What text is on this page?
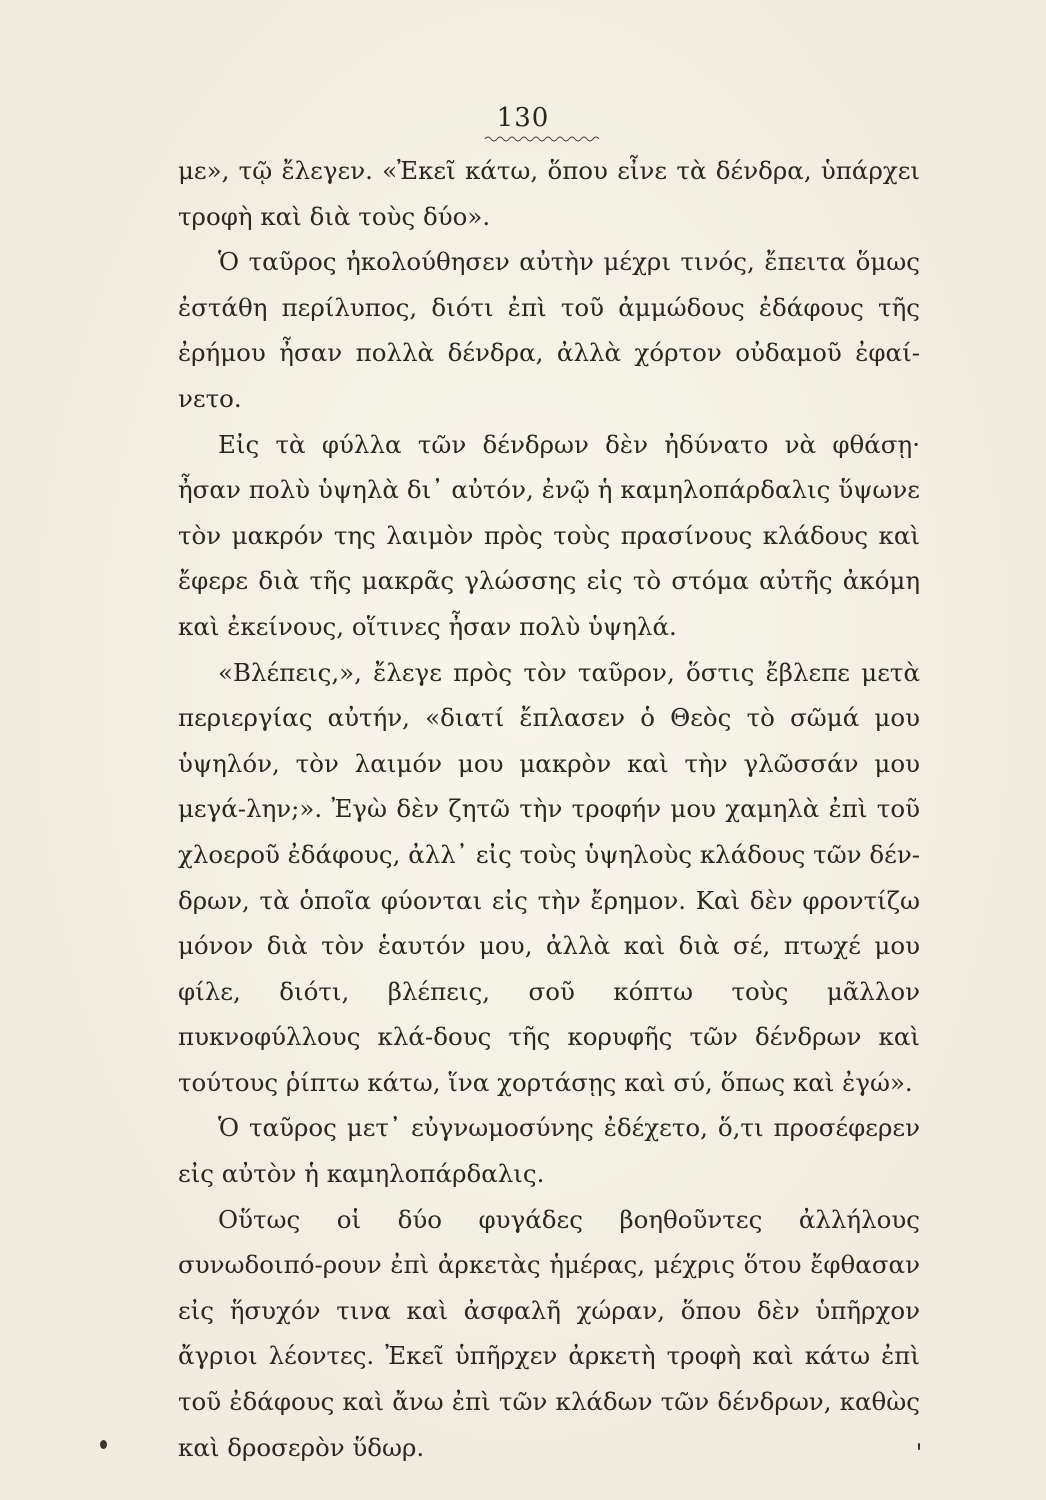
130

με», τῷ ἔλεγεν. «Ἐκεῖ κάτω, ὅπου εἶνε τὰ δένδρα, ὑπάρχει τροφὴ καὶ διὰ τοὺς δύο».

Ὁ ταῦρος ἠκολούθησεν αὐτὴν μέχρι τινός, ἔπειτα ὅμως ἐστάθη περίλυπος, διότι ἐπὶ τοῦ ἀμμώδους ἐδάφους τῆς ἐρήμου ἦσαν πολλὰ δένδρα, ἀλλὰ χόρτον οὐδαμοῦ ἐφαί-νετο.

Εἰς τὰ φύλλα τῶν δένδρων δὲν ἠδύνατο νὰ φθάσῃ· ἦσαν πολὺ ὑψηλὰ δι᾽ αὐτόν, ἐνῷ ἡ καμηλοπάρδαλις ὕψωνε τὸν μακρόν της λαιμὸν πρὸς τοὺς πρασίνους κλάδους καὶ ἔφερε διὰ τῆς μακρᾶς γλώσσης εἰς τὸ στόμα αὐτῆς ἀκόμη καὶ ἐκείνους, οἵτινες ἦσαν πολὺ ὑψηλά.

«Βλέπεις,», ἔλεγε πρὸς τὸν ταῦρον, ὅστις ἔβλεπε μετὰ περιεργίας αὐτήν, «διατί ἔπλασεν ὁ Θεὸς τὸ σῶμά μου ὑψηλόν, τὸν λαιμόν μου μακρὸν καὶ τὴν γλῶσσάν μου μεγά-λην;». Ἐγὼ δὲν ζητῶ τὴν τροφήν μου χαμηλὰ ἐπὶ τοῦ χλοεροῦ ἐδάφους, ἀλλ᾽ εἰς τοὺς ὑψηλοὺς κλάδους τῶν δέν-δρων, τὰ ὁποῖα φύονται εἰς τὴν ἔρημον. Καὶ δὲν φροντίζω μόνον διὰ τὸν ἑαυτόν μου, ἀλλὰ καὶ διὰ σέ, πτωχέ μου φίλε, διότι, βλέπεις, σοῦ κόπτω τοὺς μᾶλλον πυκνοφύλλους κλά-δους τῆς κορυφῆς τῶν δένδρων καὶ τούτους ῥίπτω κάτω, ἵνα χορτάσῃς καὶ σύ, ὅπως καὶ ἐγώ».

Ὁ ταῦρος μετ᾽ εὐγνωμοσύνης ἐδέχετο, ὅ,τι προσέφερεν εἰς αὐτὸν ἡ καμηλοπάρδαλις.

Οὕτως οἱ δύο φυγάδες βοηθοῦντες ἀλλήλους συνωδοιπό-ρουν ἐπὶ ἀρκετὰς ἡμέρας, μέχρις ὅτου ἔφθασαν εἰς ἥσυχόν τινα καὶ ἀσφαλῆ χώραν, ὅπου δὲν ὑπῆρχον ἄγριοι λέοντες. Ἐκεῖ ὑπῆρχεν ἀρκετὴ τροφὴ καὶ κάτω ἐπὶ τοῦ ἐδάφους καὶ ἄνω ἐπὶ τῶν κλάδων τῶν δένδρων, καθὼς καὶ δροσερὸν ὕδωρ.
